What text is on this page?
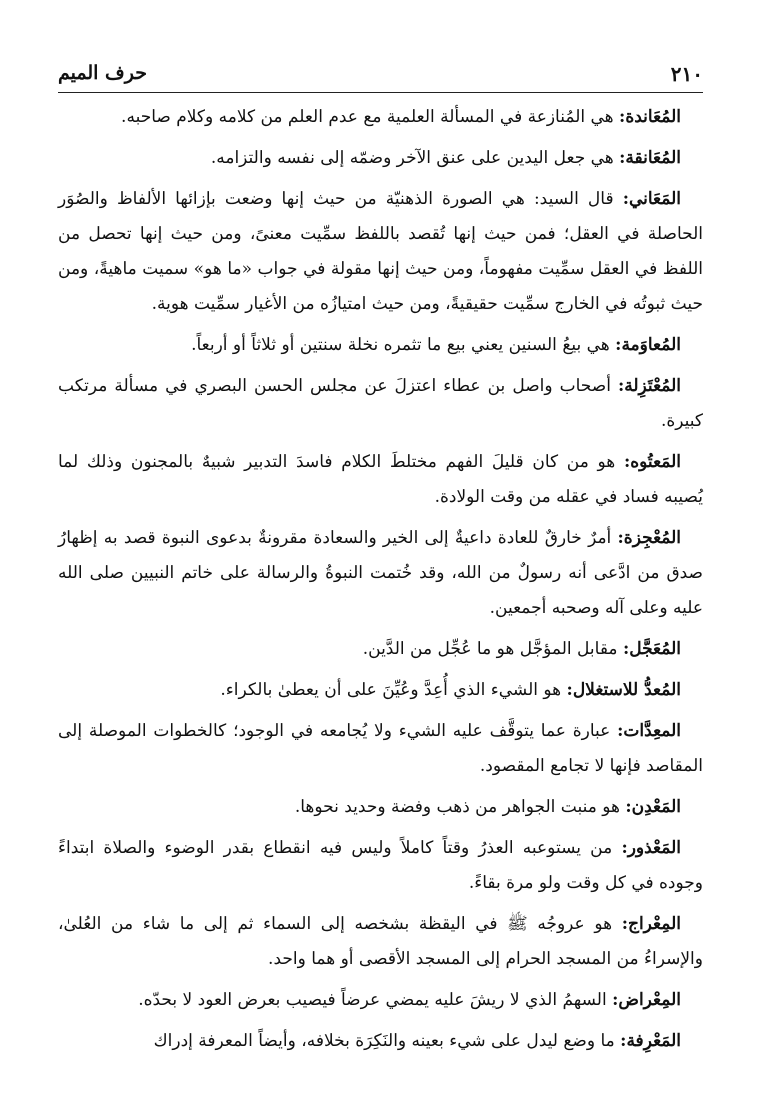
٢١٠
حرف الميم

المُعَاندة: هي المُنازعة في المسألة العلمية مع عدم العلم من كلامه وكلام صاحبه.

المُعَانقة: هي جعل اليدين على عنق الآخر وضمّه إلى نفسه والتزامه.

المَعَاني: قال السيد: هي الصورة الذهنيّة من حيث إنها وضعت بإزائها الألفاظ والصُوَر الحاصلة في العقل؛ فمن حيث إنها تُقصد باللفظ سمِّيت معنىً، ومن حيث إنها تحصل من اللفظ في العقل سمِّيت مفهوماً، ومن حيث إنها مقولة في جواب «ما هو» سميت ماهيةً، ومن حيث ثبوتُه في الخارج سمِّيت حقيقيةً، ومن حيث امتيازُه من الأغيار سمِّيت هوية.

المُعاوَمة: هي بيعُ السنين يعني بيع ما تثمره نخلة سنتين أو ثلاثاً أو أربعاً.

المُعْتَزِلة: أصحاب واصل بن عطاء اعتزلَ عن مجلس الحسن البصري في مسألة مرتكب كبيرة.

المَعتُوه: هو من كان قليلَ الفهم مختلطَ الكلام فاسدَ التدبير شبيهٌ بالمجنون وذلك لما يُصيبه فساد في عقله من وقت الولادة.

المُعْجِزة: أمرٌ خارقٌ للعادة داعيةٌ إلى الخير والسعادة مقرونةٌ بدعوى النبوة قصد به إظهارُ صدق من ادَّعى أنه رسولٌ من الله، وقد خُتمت النبوةُ والرسالة على خاتم النبيين صلى الله عليه وعلى آله وصحبه أجمعين.

المُعَجَّل: مقابل المؤجَّل هو ما عُجِّل من الدَّين.

المُعدُّ للاستغلال: هو الشيء الذي أُعِدَّ وعُيِّنَ على أن يعطىٰ بالكراء.

المعِدَّات: عبارة عما يتوقَّف عليه الشيء ولا يُجامعه في الوجود؛ كالخطوات الموصلة إلى المقاصد فإنها لا تجامع المقصود.

المَعْدِن: هو منبت الجواهر من ذهب وفضة وحديد نحوها.

المَعْذور: من يستوعبه العذرُ وقتاً كاملاً وليس فيه انقطاع بقدر الوضوء والصلاة ابتداءً وجوده في كل وقت ولو مرة بقاءً.

المِعْراج: هو عروجُه ﷺ في اليقظة بشخصه إلى السماء ثم إلى ما شاء من العُلىٰ، والإسراءُ من المسجد الحرام إلى المسجد الأقصى أو هما واحد.

المِعْراض: السهمُ الذي لا ريشَ عليه يمضي عرضاً فيصيب بعرض العود لا بحدّه.

المَعْرِفة: ما وضع ليدل على شيء بعينه والنَكِرَة بخلافه، وأيضاً المعرفة إدراك
